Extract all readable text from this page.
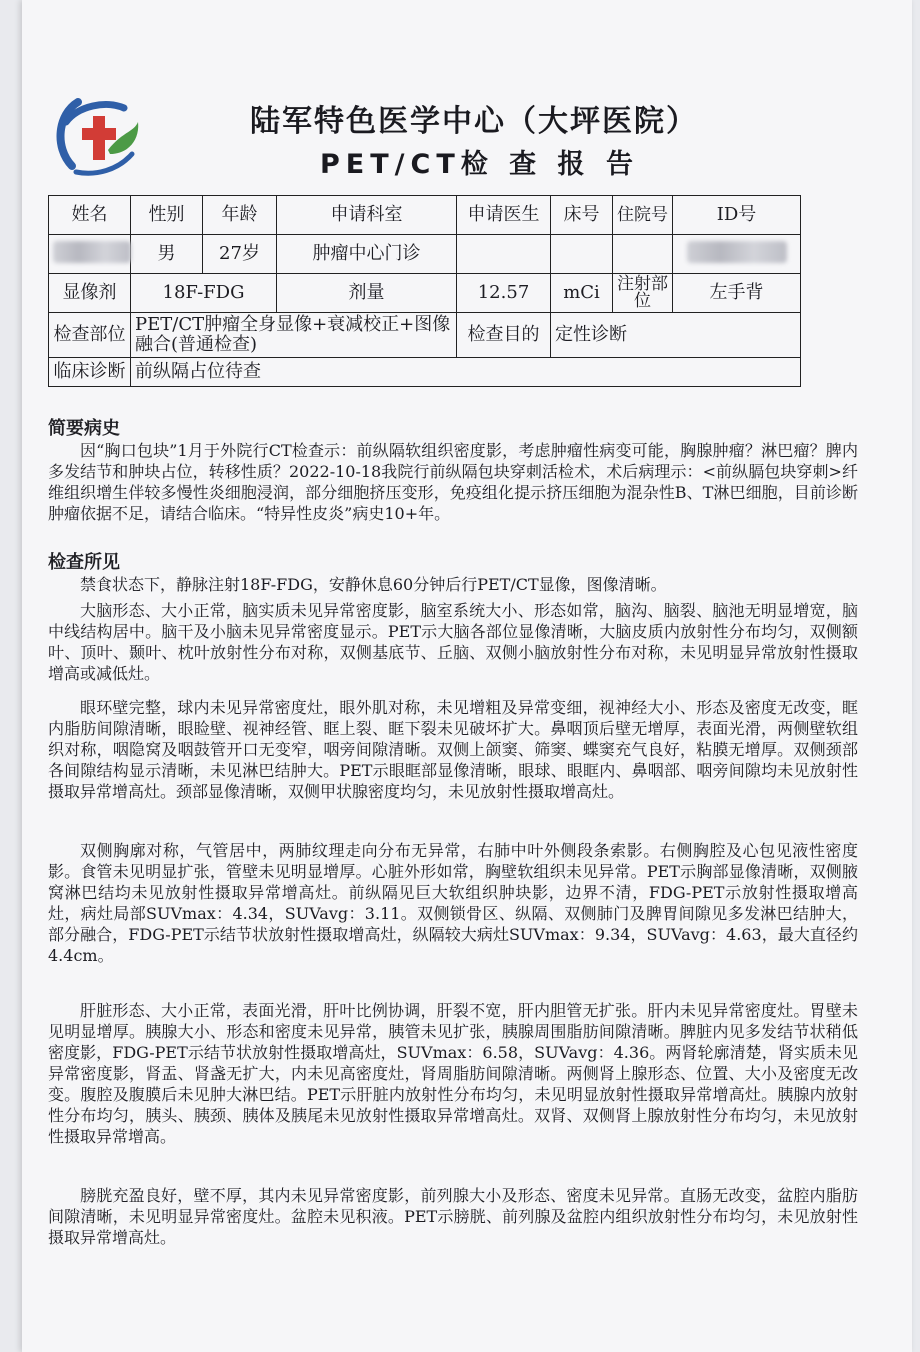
陆军特色医学中心（大坪医院）
PET/CT检 查 报 告
姓名	性别	年龄	申请科室	申请医生	床号	住院号	ID号
	男	27岁	肿瘤中心门诊				
显像剂	18F-FDG		剂量	12.57	mCi	注射部位	左手背
检查部位	PET/CT肿瘤全身显像+衰减校正+图像融合(普通检查)			检查目的	定性诊断		
临床诊断	前纵隔占位待查						
简要病史

因“胸口包块”1月于外院行CT检查示：前纵隔软组织密度影，考虑肿瘤性病变可能，胸腺肿瘤？淋巴瘤？脾内多发结节和肿块占位，转移性质？2022-10-18我院行前纵隔包块穿刺活检术，术后病理示：<前纵膈包块穿刺>纤维组织增生伴较多慢性炎细胞浸润，部分细胞挤压变形，免疫组化提示挤压细胞为混杂性B、T淋巴细胞，目前诊断肿瘤依据不足，请结合临床。“特异性皮炎”病史10+年。

检查所见

禁食状态下，静脉注射18F-FDG，安静休息60分钟后行PET/CT显像，图像清晰。

大脑形态、大小正常，脑实质未见异常密度影，脑室系统大小、形态如常，脑沟、脑裂、脑池无明显增宽，脑中线结构居中。脑干及小脑未见异常密度显示。PET示大脑各部位显像清晰，大脑皮质内放射性分布均匀，双侧额叶、顶叶、颞叶、枕叶放射性分布对称，双侧基底节、丘脑、双侧小脑放射性分布对称，未见明显异常放射性摄取增高或减低灶。

眼环壁完整，球内未见异常密度灶，眼外肌对称，未见增粗及异常变细，视神经大小、形态及密度无改变，眶内脂肪间隙清晰，眼睑壁、视神经管、眶上裂、眶下裂未见破坏扩大。鼻咽顶后壁无增厚，表面光滑，两侧壁软组织对称，咽隐窝及咽鼓管开口无变窄，咽旁间隙清晰。双侧上颌窦、筛窦、蝶窦充气良好，粘膜无增厚。双侧颈部各间隙结构显示清晰，未见淋巴结肿大。PET示眼眶部显像清晰，眼球、眼眶内、鼻咽部、咽旁间隙均未见放射性摄取异常增高灶。颈部显像清晰，双侧甲状腺密度均匀，未见放射性摄取增高灶。

双侧胸廓对称，气管居中，两肺纹理走向分布无异常，右肺中叶外侧段条索影。右侧胸腔及心包见液性密度影。食管未见明显扩张，管壁未见明显增厚。心脏外形如常，胸壁软组织未见异常。PET示胸部显像清晰，双侧腋窝淋巴结均未见放射性摄取异常增高灶。前纵隔见巨大软组织肿块影，边界不清，FDG-PET示放射性摄取增高灶，病灶局部SUVmax：4.34，SUVavg：3.11。双侧锁骨区、纵隔、双侧肺门及脾胃间隙见多发淋巴结肿大，部分融合，FDG-PET示结节状放射性摄取增高灶，纵隔较大病灶SUVmax：9.34，SUVavg：4.63，最大直径约4.4cm。

肝脏形态、大小正常，表面光滑，肝叶比例协调，肝裂不宽，肝内胆管无扩张。肝内未见异常密度灶。胃壁未见明显增厚。胰腺大小、形态和密度未见异常，胰管未见扩张，胰腺周围脂肪间隙清晰。脾脏内见多发结节状稍低密度影，FDG-PET示结节状放射性摄取增高灶，SUVmax：6.58，SUVavg：4.36。两肾轮廓清楚，肾实质未见异常密度影，肾盂、肾盏无扩大，内未见高密度灶，肾周脂肪间隙清晰。两侧肾上腺形态、位置、大小及密度无改变。腹腔及腹膜后未见肿大淋巴结。PET示肝脏内放射性分布均匀，未见明显放射性摄取异常增高灶。胰腺内放射性分布均匀，胰头、胰颈、胰体及胰尾未见放射性摄取异常增高灶。双肾、双侧肾上腺放射性分布均匀，未见放射性摄取异常增高。

膀胱充盈良好，壁不厚，其内未见异常密度影，前列腺大小及形态、密度未见异常。直肠无改变，盆腔内脂肪间隙清晰，未见明显异常密度灶。盆腔未见积液。PET示膀胱、前列腺及盆腔内组织放射性分布均匀，未见放射性摄取异常增高灶。
